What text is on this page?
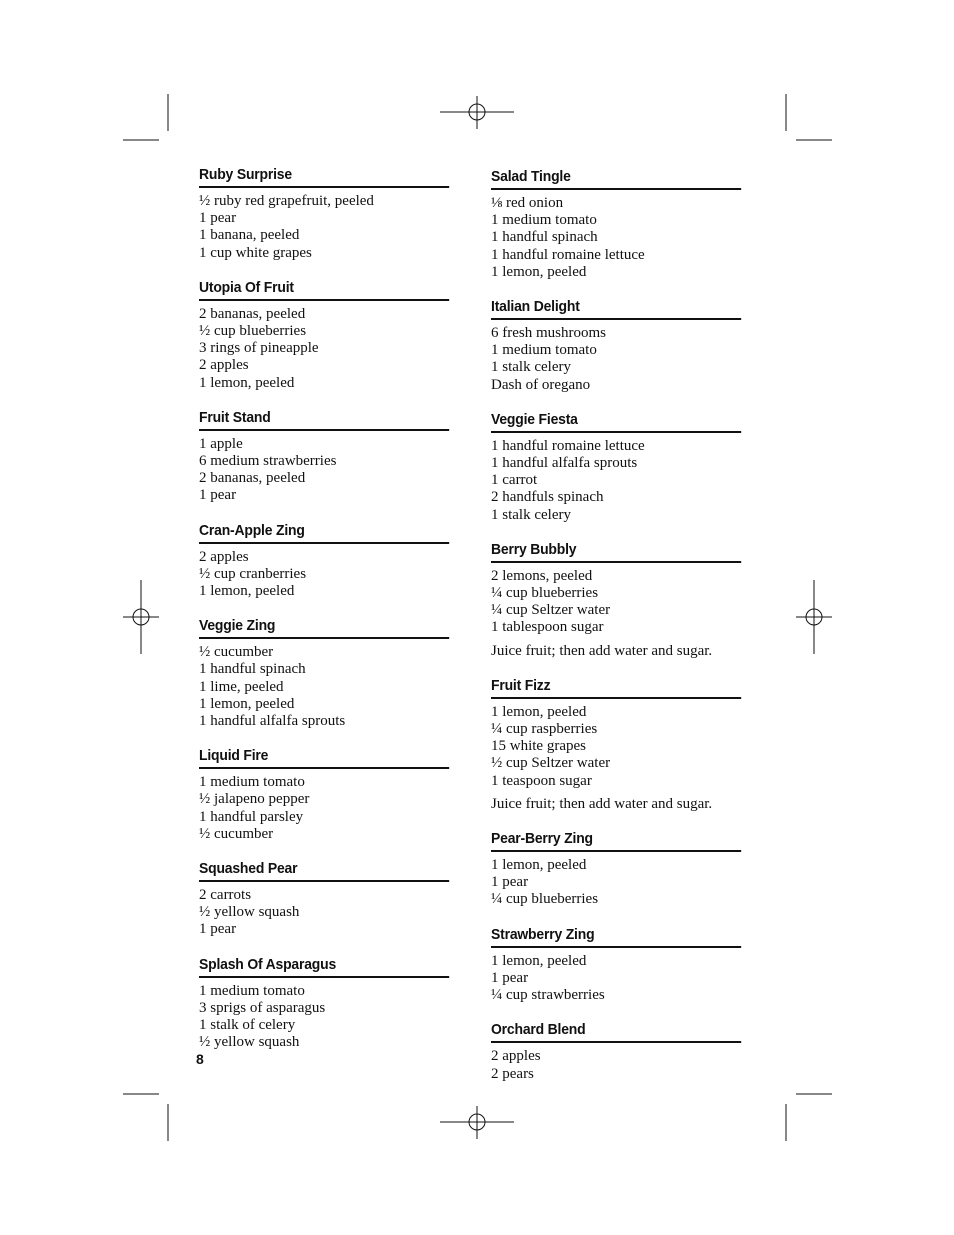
Ruby Surprise
½ ruby red grapefruit, peeled
1 pear
1 banana, peeled
1 cup white grapes
Utopia Of Fruit
2 bananas, peeled
½ cup blueberries
3 rings of pineapple
2 apples
1 lemon, peeled
Fruit Stand
1 apple
6 medium strawberries
2 bananas, peeled
1 pear
Cran-Apple Zing
2 apples
½ cup cranberries
1 lemon, peeled
Veggie Zing
½ cucumber
1 handful spinach
1 lime, peeled
1 lemon, peeled
1 handful alfalfa sprouts
Liquid Fire
1 medium tomato
½ jalapeno pepper
1 handful parsley
½ cucumber
Squashed Pear
2 carrots
½ yellow squash
1 pear
Splash Of Asparagus
1 medium tomato
3 sprigs of asparagus
1 stalk of celery
½ yellow squash
Salad Tingle
⅛ red onion
1 medium tomato
1 handful spinach
1 handful romaine lettuce
1 lemon, peeled
Italian Delight
6 fresh mushrooms
1 medium tomato
1 stalk celery
Dash of oregano
Veggie Fiesta
1 handful romaine lettuce
1 handful alfalfa sprouts
1 carrot
2 handfuls spinach
1 stalk celery
Berry Bubbly
2 lemons, peeled
¼ cup blueberries
¼ cup Seltzer water
1 tablespoon sugar
Juice fruit; then add water and sugar.
Fruit Fizz
1 lemon, peeled
¼ cup raspberries
15 white grapes
½ cup Seltzer water
1 teaspoon sugar
Juice fruit; then add water and sugar.
Pear-Berry Zing
1 lemon, peeled
1 pear
¼ cup blueberries
Strawberry Zing
1 lemon, peeled
1 pear
¼ cup strawberries
Orchard Blend
2 apples
2 pears
8
